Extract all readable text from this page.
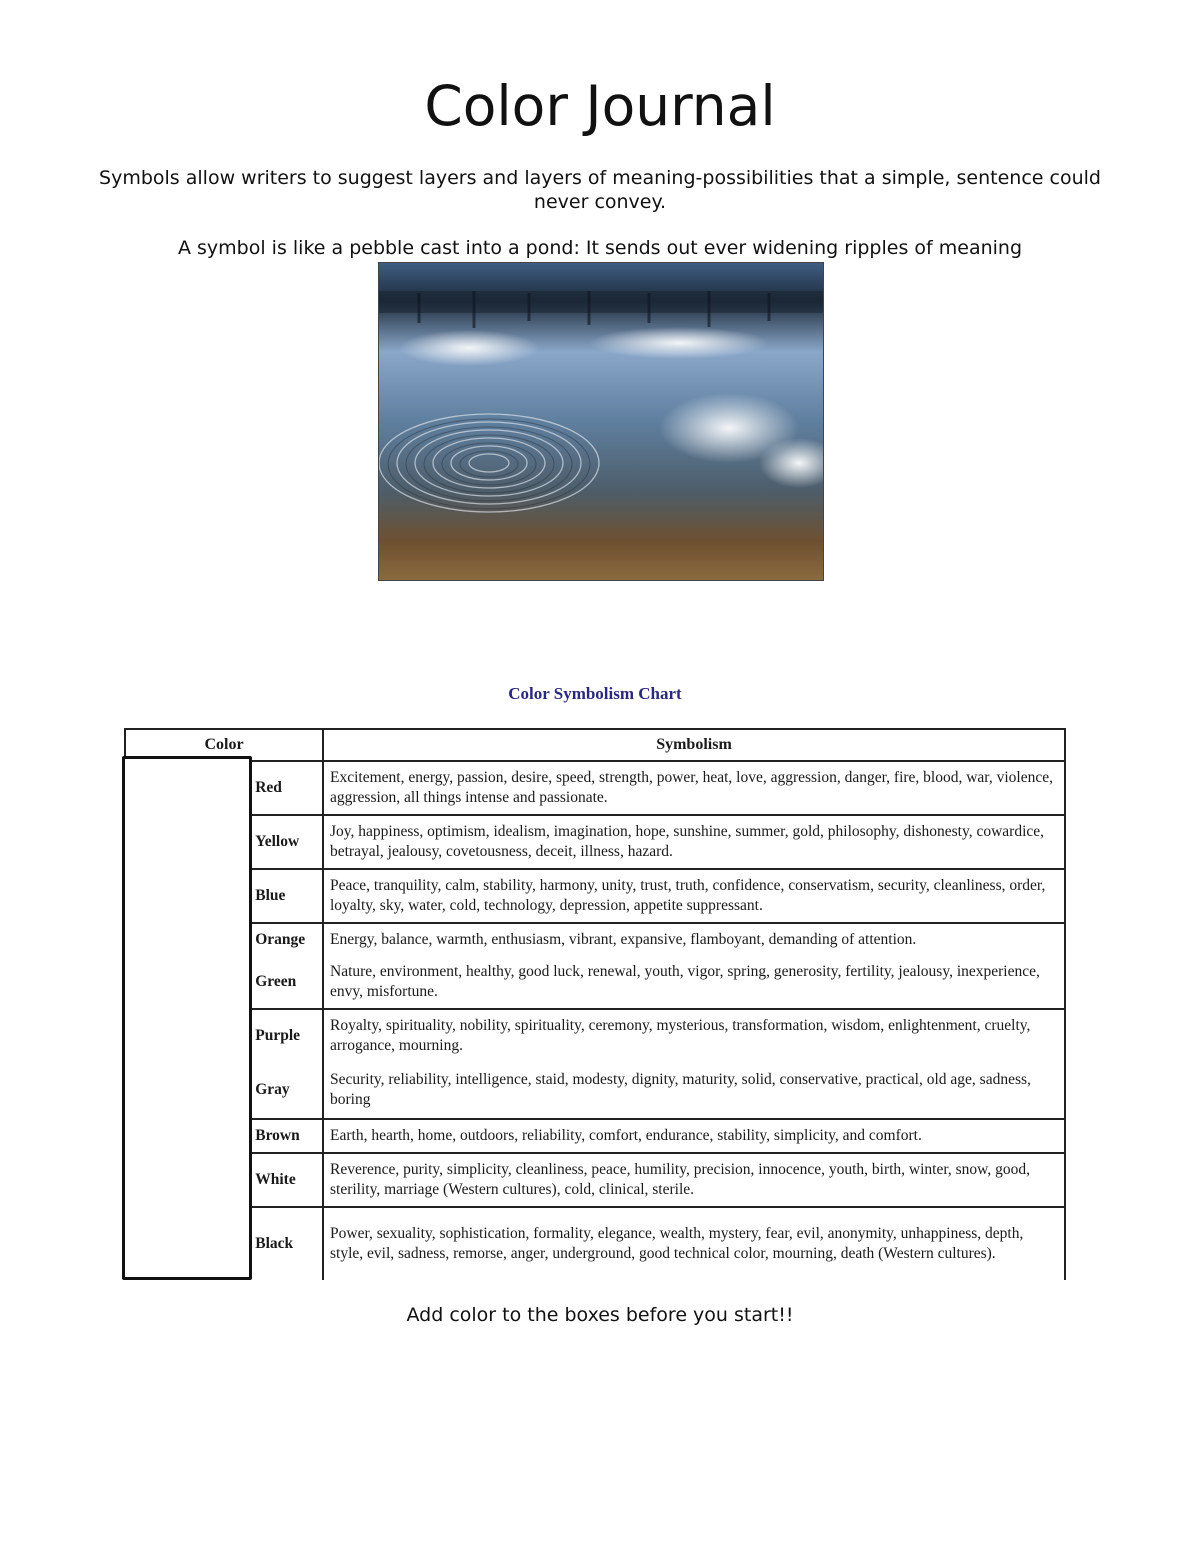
Color Journal
Symbols allow writers to suggest layers and layers of meaning-possibilities that a simple, sentence could never convey.
A symbol is like a pebble cast into a pond: It sends out ever widening ripples of meaning
Color Symbolism Chart
Color		Symbolism
	Red	Excitement, energy, passion, desire, speed, strength, power, heat, love, aggression, danger, fire, blood, war, violence, aggression, all things intense and passionate.
	Yellow	Joy, happiness, optimism, idealism, imagination, hope, sunshine, summer, gold, philosophy, dishonesty, cowardice, betrayal, jealousy, covetousness, deceit, illness, hazard.
	Blue	Peace, tranquility, calm, stability, harmony, unity, trust, truth, confidence, conservatism, security, cleanliness, order, loyalty, sky, water, cold, technology, depression, appetite suppressant.
	Orange	Energy, balance, warmth, enthusiasm, vibrant, expansive, flamboyant, demanding of attention.
	Green	Nature, environment, healthy, good luck, renewal, youth, vigor, spring, generosity, fertility, jealousy, inexperience, envy, misfortune.
	Purple	Royalty, spirituality, nobility, spirituality, ceremony, mysterious, transformation, wisdom, enlightenment, cruelty, arrogance, mourning.
	Gray	Security, reliability, intelligence, staid, modesty, dignity, maturity, solid, conservative, practical, old age, sadness, boring
	Brown	Earth, hearth, home, outdoors, reliability, comfort, endurance, stability, simplicity, and comfort.
	White	Reverence, purity, simplicity, cleanliness, peace, humility, precision, innocence, youth, birth, winter, snow, good, sterility, marriage (Western cultures), cold, clinical, sterile.
	Black	Power, sexuality, sophistication, formality, elegance, wealth, mystery, fear, evil, anonymity, unhappiness, depth, style, evil, sadness, remorse, anger, underground, good technical color, mourning, death (Western cultures).
Add color to the boxes before you start!!
